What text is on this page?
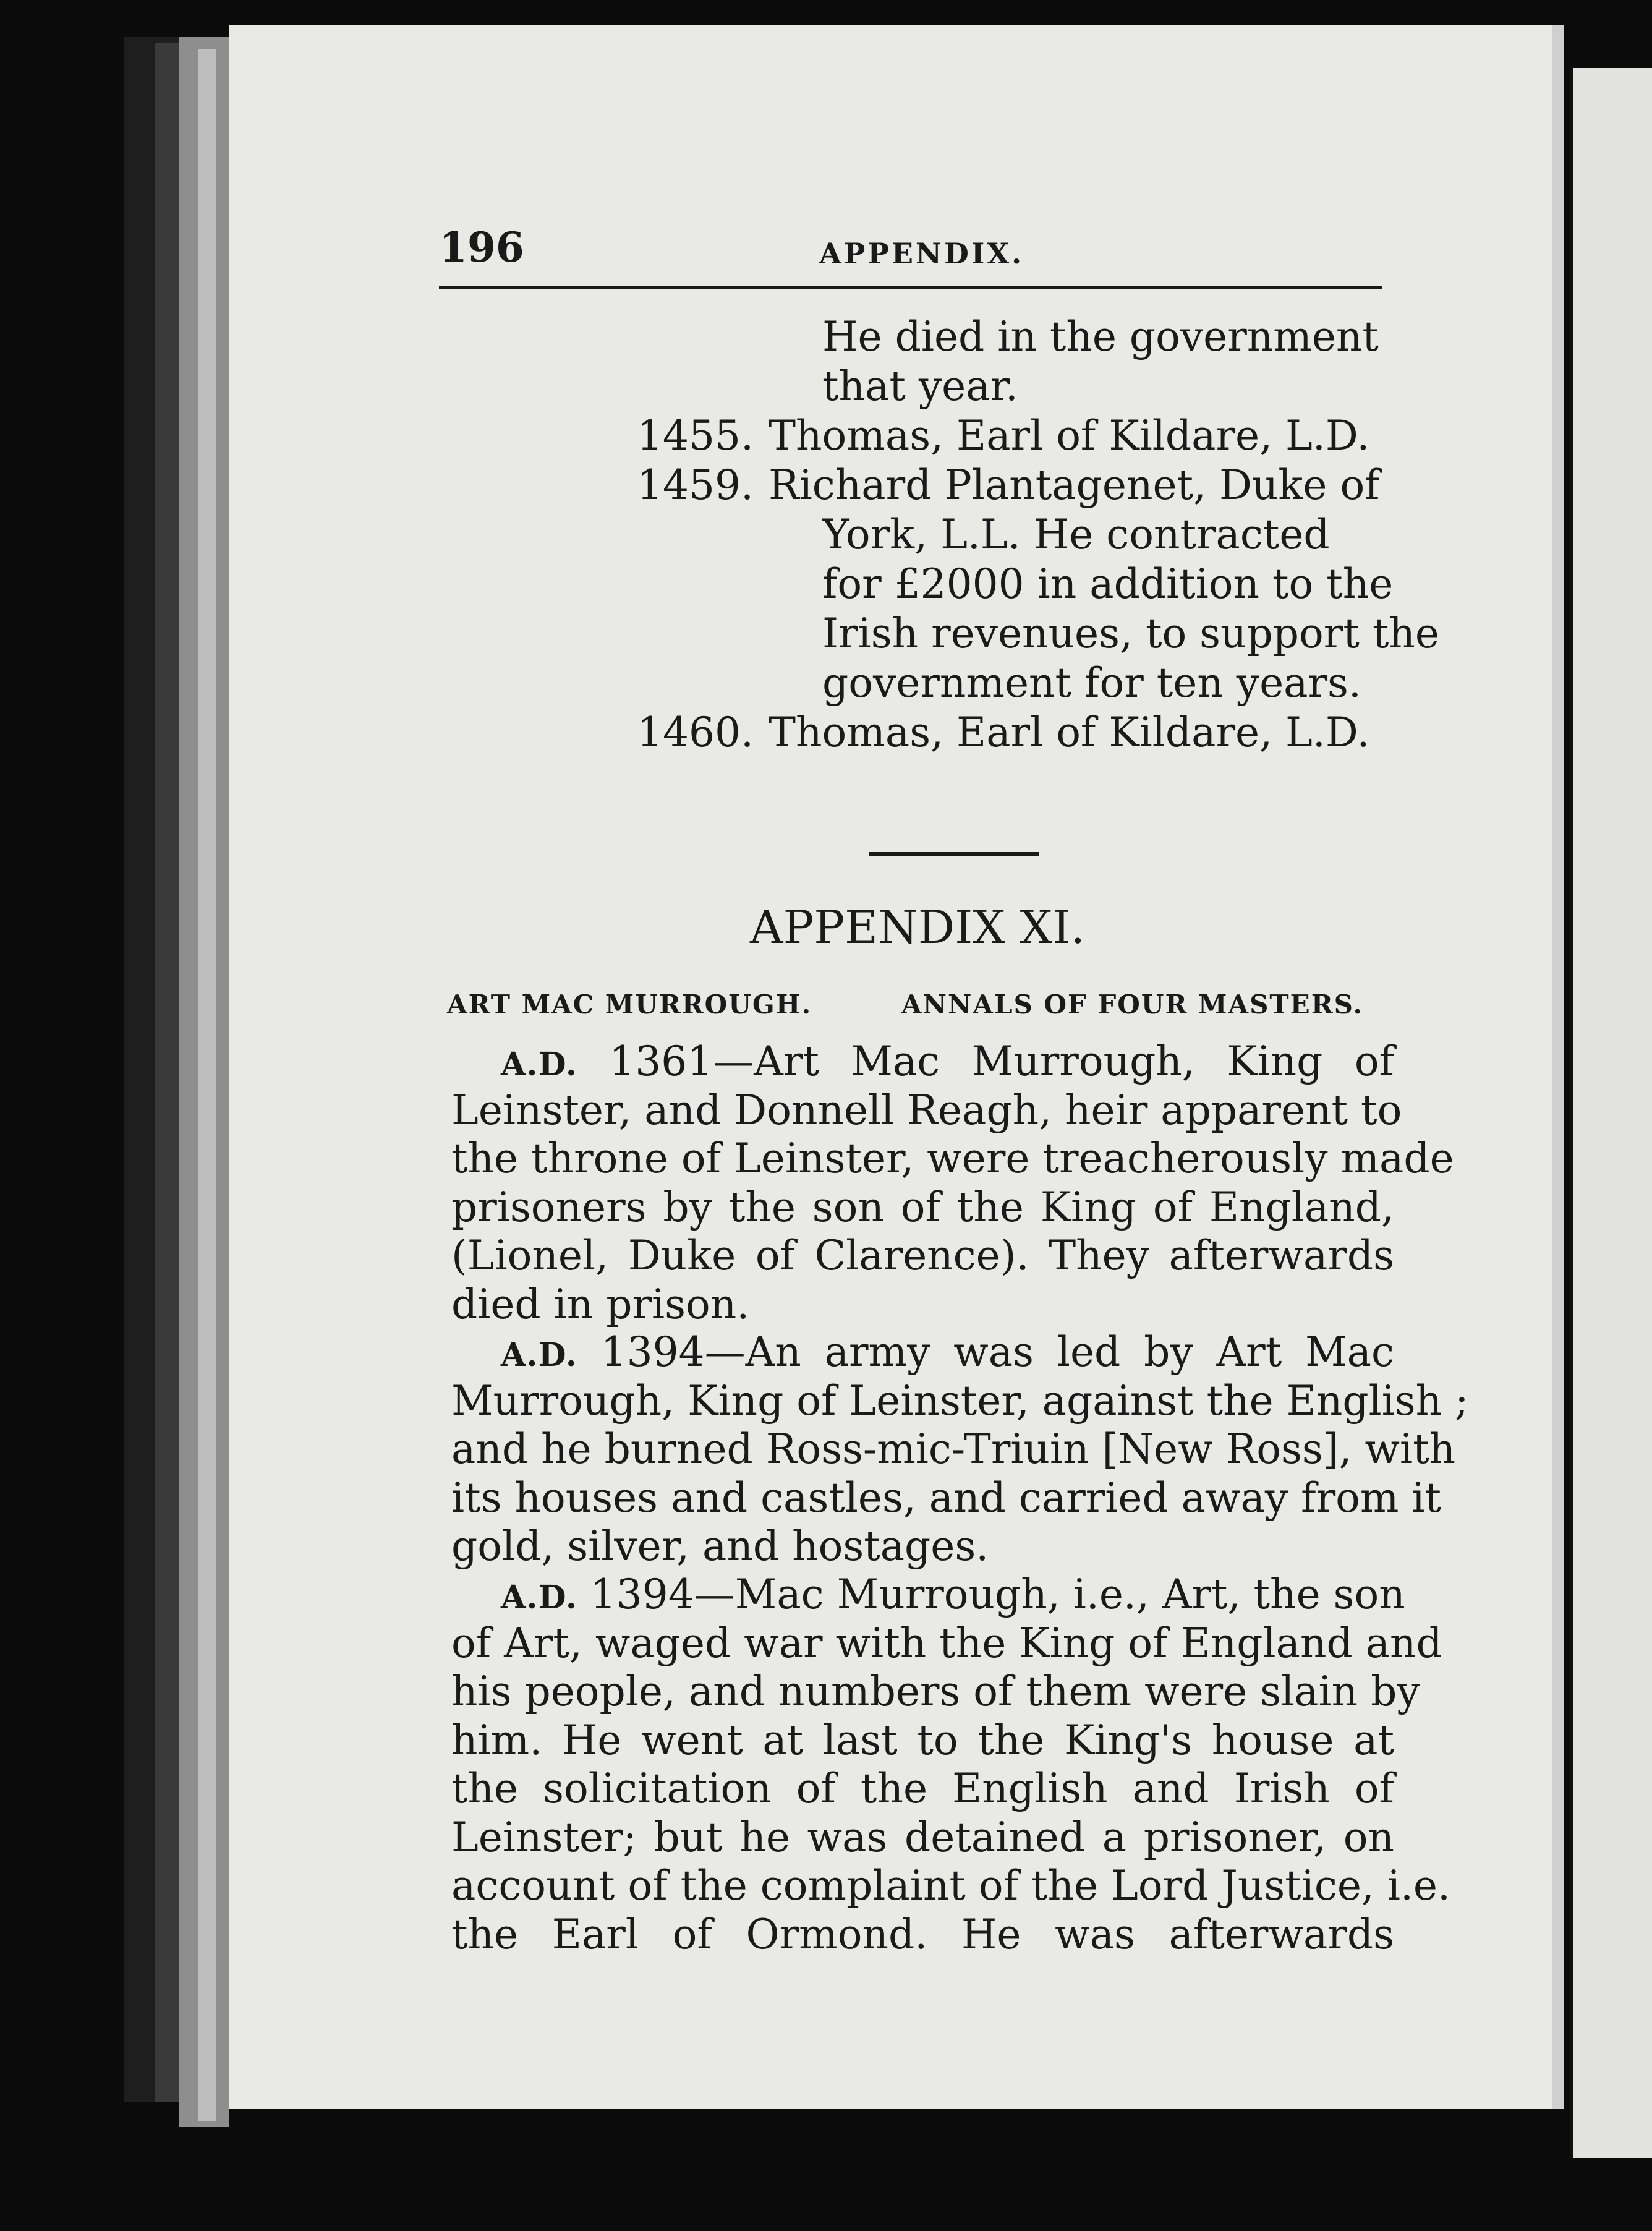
196	APPENDIX.
He died in the government
that year.
1455. Thomas, Earl of Kildare, L.D.
1459. Richard Plantagenet, Duke of
York, L.L. He contracted
for £2000 in addition to the
Irish revenues, to support the
government for ten years.
1460. Thomas, Earl of Kildare, L.D.
APPENDIX XI.
ART MAC MURROUGH.	ANNALS OF FOUR MASTERS.
A.D. 1361—Art Mac Murrough, King of
Leinster, and Donnell Reagh, heir apparent to
the throne of Leinster, were treacherously made
prisoners by the son of the King of England,
(Lionel, Duke of Clarence). They afterwards
died in prison.
A.D. 1394—An army was led by Art Mac
Murrough, King of Leinster, against the English ;
and he burned Ross-mic-Triuin [New Ross], with
its houses and castles, and carried away from it
gold, silver, and hostages.
A.D. 1394—Mac Murrough, i.e., Art, the son
of Art, waged war with the King of England and
his people, and numbers of them were slain by
him. He went at last to the King's house at
the solicitation of the English and Irish of
Leinster; but he was detained a prisoner, on
account of the complaint of the Lord Justice, i.e.
the Earl of Ormond. He was afterwards
